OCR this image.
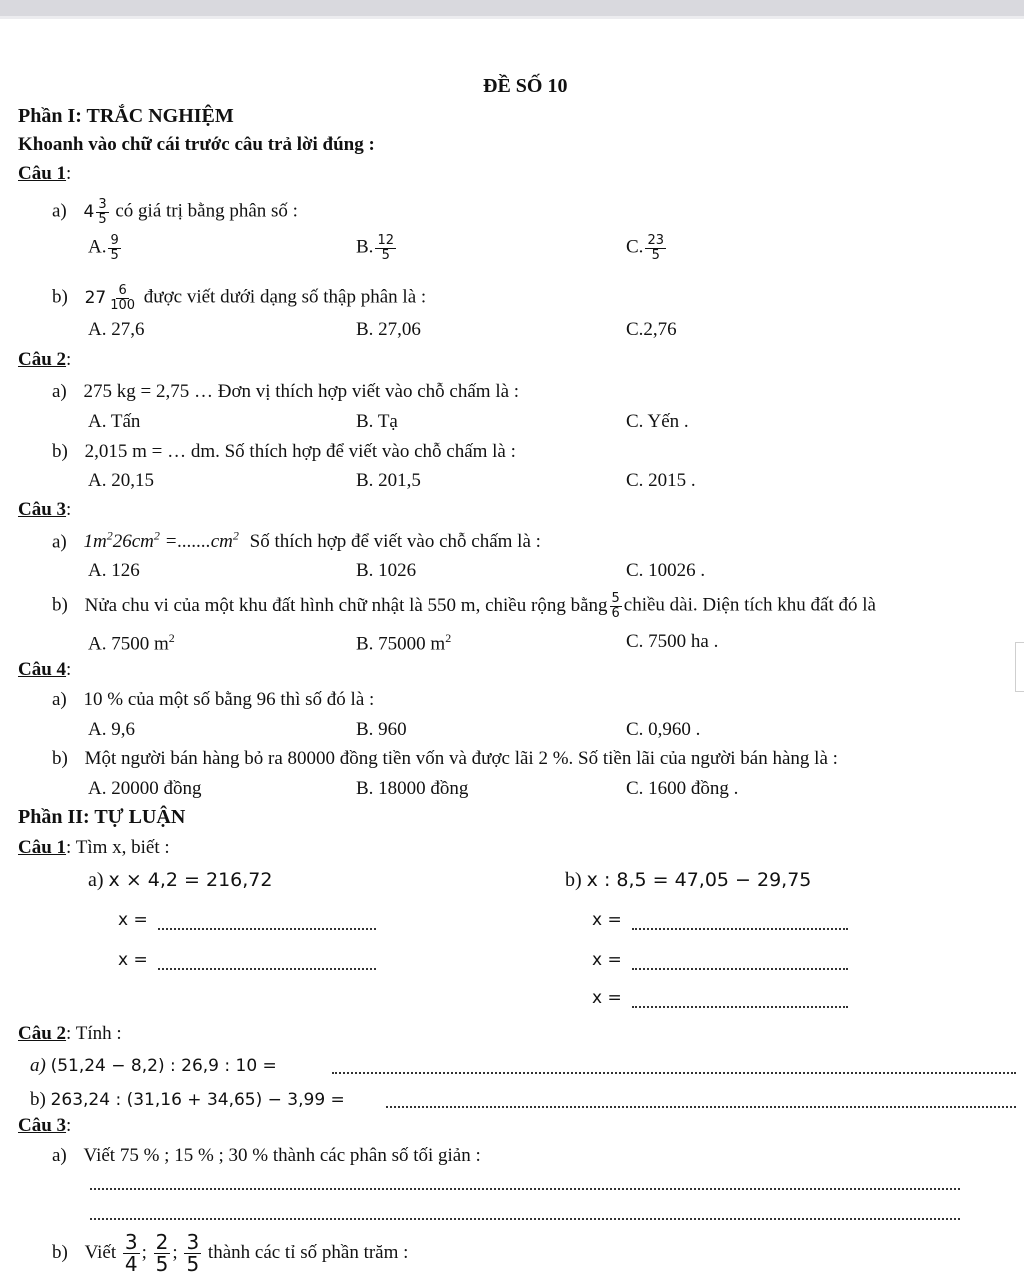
ĐỀ SỐ 10
Phần I: TRẮC NGHIỆM
Khoanh vào chữ cái trước câu trả lời đúng :
Câu 1:
a) $4 \frac{3}{5}$ có giá trị bằng phân số :
A. $\frac{9}{5}$	B. $\frac{12}{5}$	C. $\frac{23}{5}$
b) $27 \frac{6}{100}$ được viết dưới dạng số thập phân là :
A. 27,6	B. 27,06	C.2,76
Câu 2:
a) 275 kg = 2,75 … Đơn vị thích hợp viết vào chỗ chấm là :
A. Tấn	B. Tạ	C. Yến .
b) 2,015 m = … dm. Số thích hợp để viết vào chỗ chấm là :
A. 20,15	B. 201,5	C. 2015 .
Câu 3:
a) $1m^226cm^2 =.......cm^2$ Số thích hợp để viết vào chỗ chấm là :
A. 126	B. 1026	C. 10026 .
b) Nửa chu vi của một khu đất hình chữ nhật là 550 m, chiều rộng bằng $\frac{5}{6}$ chiều dài. Diện tích khu đất đó là
A. 7500 $m^2$	B. 75000 $m^2$	C. 7500 ha .
Câu 4:
a) 10 % của một số bằng 96 thì số đó là :
A. 9,6	B. 960	C. 0,960 .
b) Một người bán hàng bỏ ra 80000 đồng tiền vốn và được lãi 2 %. Số tiền lãi của người bán hàng là :
A. 20000 đồng	B. 18000 đồng	C. 1600 đồng .
Phần II: TỰ LUẬN
Câu 1: Tìm x, biết :
a) x × 4,2 = 216,72	b) x : 8,5 = 47,05 − 29,75
x =
x =
x =
x =
x =
Câu 2: Tính :
a) (51,24 − 8,2) : 26,9 : 10 =
b) 263,24 : (31,16 + 34,65) − 3,99 =
Câu 3:
a) Viết 75 % ; 15 % ; 30 % thành các phân số tối giản :
b) Viết $\frac{3}{4}$ ; $\frac{2}{5}$ ; $\frac{3}{5}$ thành các tỉ số phần trăm :
